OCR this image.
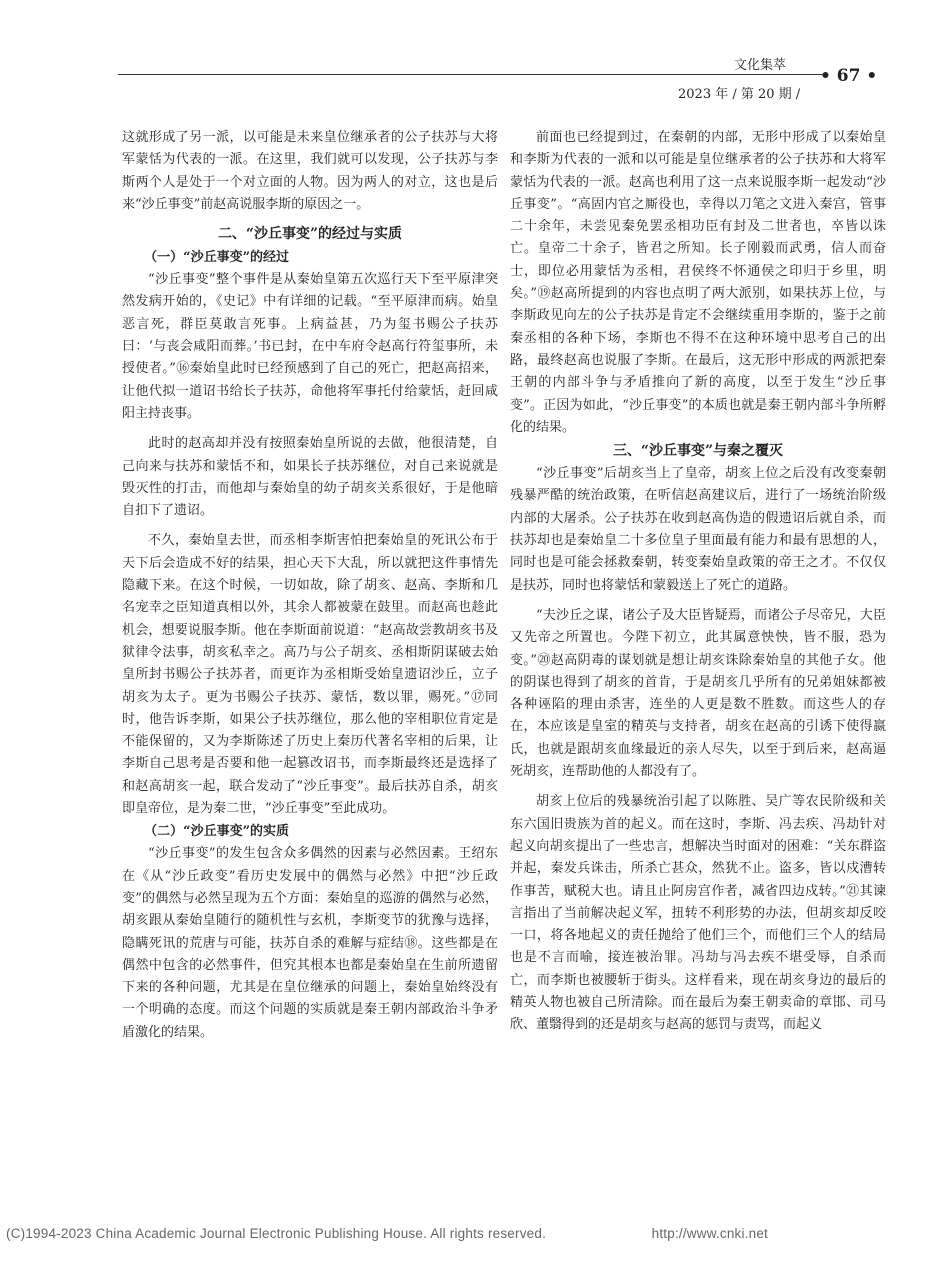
文化集萃
• 67 •
2023 年 / 第 20 期 /

这就形成了另一派，以可能是未来皇位继承者的公子扶苏与大将军蒙恬为代表的一派。在这里，我们就可以发现，公子扶苏与李斯两个人是处于一个对立面的人物。因为两人的对立，这也是后来“沙丘事变”前赵高说服李斯的原因之一。

二、“沙丘事变”的经过与实质
（一）“沙丘事变”的经过

“沙丘事变”整个事件是从秦始皇第五次巡行天下至平原津突然发病开始的，《史记》中有详细的记载。“至平原津而病。始皇恶言死，群臣莫敢言死事。上病益甚，乃为玺书赐公子扶苏曰：‘与丧会咸阳而葬。’书已封，在中车府令赵高行符玺事所，未授使者。”⑯秦始皇此时已经预感到了自己的死亡，把赵高招来，让他代拟一道诏书给长子扶苏，命他将军事托付给蒙恬，赶回咸阳主持丧事。

此时的赵高却并没有按照秦始皇所说的去做，他很清楚，自己向来与扶苏和蒙恬不和，如果长子扶苏继位，对自己来说就是毁灭性的打击，而他却与秦始皇的幼子胡亥关系很好，于是他暗自扣下了遗诏。

不久，秦始皇去世，而丞相李斯害怕把秦始皇的死讯公布于天下后会造成不好的结果，担心天下大乱，所以就把这件事情先隐藏下来。在这个时候，一切如故，除了胡亥、赵高、李斯和几名宠幸之臣知道真相以外，其余人都被蒙在鼓里。而赵高也趁此机会，想要说服李斯。他在李斯面前说道：“赵高故尝教胡亥书及狱律令法事，胡亥私幸之。高乃与公子胡亥、丞相斯阴谋破去始皇所封书赐公子扶苏者，而更诈为丞相斯受始皇遗诏沙丘，立子胡亥为太子。更为书赐公子扶苏、蒙恬，数以罪，赐死。”⑰同时，他告诉李斯，如果公子扶苏继位，那么他的宰相职位肯定是不能保留的，又为李斯陈述了历史上秦历代著名宰相的后果，让李斯自己思考是否要和他一起篡改诏书，而李斯最终还是选择了和赵高胡亥一起，联合发动了“沙丘事变”。最后扶苏自杀，胡亥即皇帝位，是为秦二世，“沙丘事变”至此成功。

（二）“沙丘事变”的实质

“沙丘事变”的发生包含众多偶然的因素与必然因素。王绍东在《从“沙丘政变”看历史发展中的偶然与必然》中把“沙丘政变”的偶然与必然呈现为五个方面：秦始皇的巡游的偶然与必然，胡亥跟从秦始皇随行的随机性与玄机，李斯变节的犹豫与选择，隐瞒死讯的荒唐与可能，扶苏自杀的难解与症结⑱。这些都是在偶然中包含的必然事件，但究其根本也都是秦始皇在生前所遗留下来的各种问题，尤其是在皇位继承的问题上，秦始皇始终没有一个明确的态度。而这个问题的实质就是秦王朝内部政治斗争矛盾激化的结果。

前面也已经提到过，在秦朝的内部，无形中形成了以秦始皇和李斯为代表的一派和以可能是皇位继承者的公子扶苏和大将军蒙恬为代表的一派。赵高也利用了这一点来说服李斯一起发动“沙丘事变”。“高固内官之厮役也，幸得以刀笔之文进入秦宫，管事二十余年，未尝见秦免罢丞相功臣有封及二世者也，卒皆以诛亡。皇帝二十余子，皆君之所知。长子刚毅而武勇，信人而奋士，即位必用蒙恬为丞相，君侯终不怀通侯之印归于乡里，明矣。”⑲赵高所提到的内容也点明了两大派别，如果扶苏上位，与李斯政见向左的公子扶苏是肯定不会继续重用李斯的，鉴于之前秦丞相的各种下场，李斯也不得不在这种环境中思考自己的出路，最终赵高也说服了李斯。在最后，这无形中形成的两派把秦王朝的内部斗争与矛盾推向了新的高度，以至于发生“沙丘事变”。正因为如此，“沙丘事变”的本质也就是秦王朝内部斗争所孵化的结果。

三、“沙丘事变”与秦之覆灭

“沙丘事变”后胡亥当上了皇帝，胡亥上位之后没有改变秦朝残暴严酷的统治政策，在听信赵高建议后，进行了一场统治阶级内部的大屠杀。公子扶苏在收到赵高伪造的假遗诏后就自杀，而扶苏却也是秦始皇二十多位皇子里面最有能力和最有思想的人，同时也是可能会拯救秦朝，转变秦始皇政策的帝王之才。不仅仅是扶苏，同时也将蒙恬和蒙毅送上了死亡的道路。

“夫沙丘之谋，诸公子及大臣皆疑焉，而诸公子尽帝兄，大臣又先帝之所置也。今陛下初立，此其属意怏怏，皆不服，恐为变。”⑳赵高阴毒的谋划就是想让胡亥诛除秦始皇的其他子女。他的阴谋也得到了胡亥的首肯，于是胡亥几乎所有的兄弟姐妹都被各种诬陷的理由杀害，连坐的人更是数不胜数。而这些人的存在，本应该是皇室的精英与支持者，胡亥在赵高的引诱下使得嬴氏，也就是跟胡亥血缘最近的亲人尽失，以至于到后来，赵高逼死胡亥，连帮助他的人都没有了。

胡亥上位后的残暴统治引起了以陈胜、吴广等农民阶级和关东六国旧贵族为首的起义。而在这时，李斯、冯去疾、冯劫针对起义向胡亥提出了一些忠言，想解决当时面对的困难：“关东群盗并起，秦发兵诛击，所杀亡甚众，然犹不止。盗多，皆以戍漕转作事苦，赋税大也。请且止阿房宫作者，减省四边戍转。”㉑其谏言指出了当前解决起义军，扭转不利形势的办法，但胡亥却反咬一口，将各地起义的责任抛给了他们三个，而他们三个人的结局也是不言而喻，接连被治罪。冯劫与冯去疾不堪受辱，自杀而亡，而李斯也被腰斩于街头。这样看来，现在胡亥身边的最后的精英人物也被自己所清除。而在最后为秦王朝卖命的章邯、司马欣、董翳得到的还是胡亥与赵高的惩罚与责骂，而起义

(C)1994-2023 China Academic Journal Electronic Publishing House. All rights reserved.	http://www.cnki.net
